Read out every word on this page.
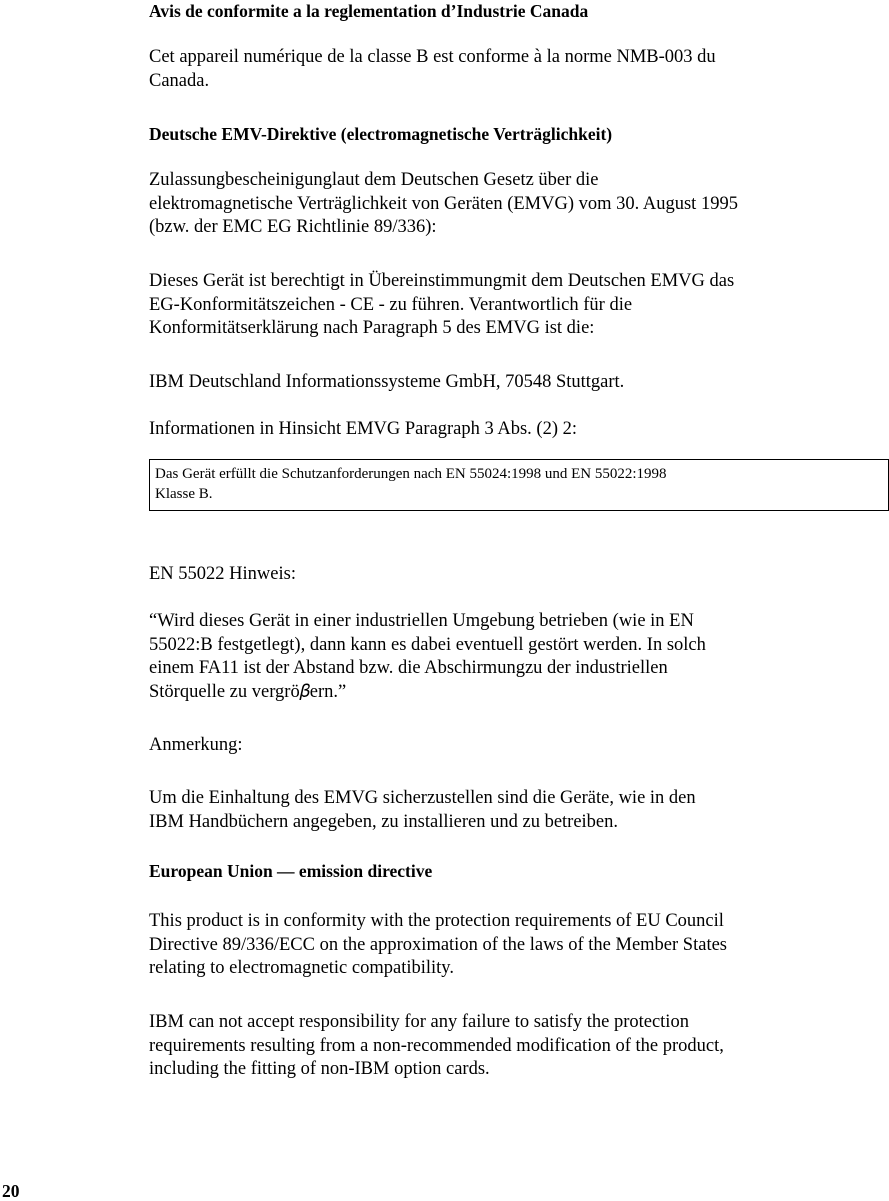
Avis de conformite a la reglementation d’Industrie Canada

Cet appareil numérique de la classe B est conforme à la norme NMB-003 du
Canada.

Deutsche EMV-Direktive (electromagnetische Verträglichkeit)

Zulassungbescheinigunglaut dem Deutschen Gesetz über die
elektromagnetische Verträglichkeit von Geräten (EMVG) vom 30. August 1995
(bzw. der EMC EG Richtlinie 89/336):

Dieses Gerät ist berechtigt in Übereinstimmungmit dem Deutschen EMVG das
EG-Konformitätszeichen - CE - zu führen. Verantwortlich für die
Konformitätserklärung nach Paragraph 5 des EMVG ist die:

IBM Deutschland Informationssysteme GmbH, 70548 Stuttgart.

Informationen in Hinsicht EMVG Paragraph 3 Abs. (2) 2:

Das Gerät erfüllt die Schutzanforderungen nach EN 55024:1998 und EN 55022:1998
Klasse B.

EN 55022 Hinweis:

“Wird dieses Gerät in einer industriellen Umgebung betrieben (wie in EN
55022:B festgetlegt), dann kann es dabei eventuell gestört werden. In solch
einem FA11 ist der Abstand bzw. die Abschirmungzu der industriellen
Störquelle zu vergrö𝛽ern.”

Anmerkung:

Um die Einhaltung des EMVG sicherzustellen sind die Geräte, wie in den
IBM Handbüchern angegeben, zu installieren und zu betreiben.

European Union — emission directive

This product is in conformity with the protection requirements of EU Council
Directive 89/336/ECC on the approximation of the laws of the Member States
relating to electromagnetic compatibility.

IBM can not accept responsibility for any failure to satisfy the protection
requirements resulting from a non-recommended modification of the product,
including the fitting of non-IBM option cards.

20
